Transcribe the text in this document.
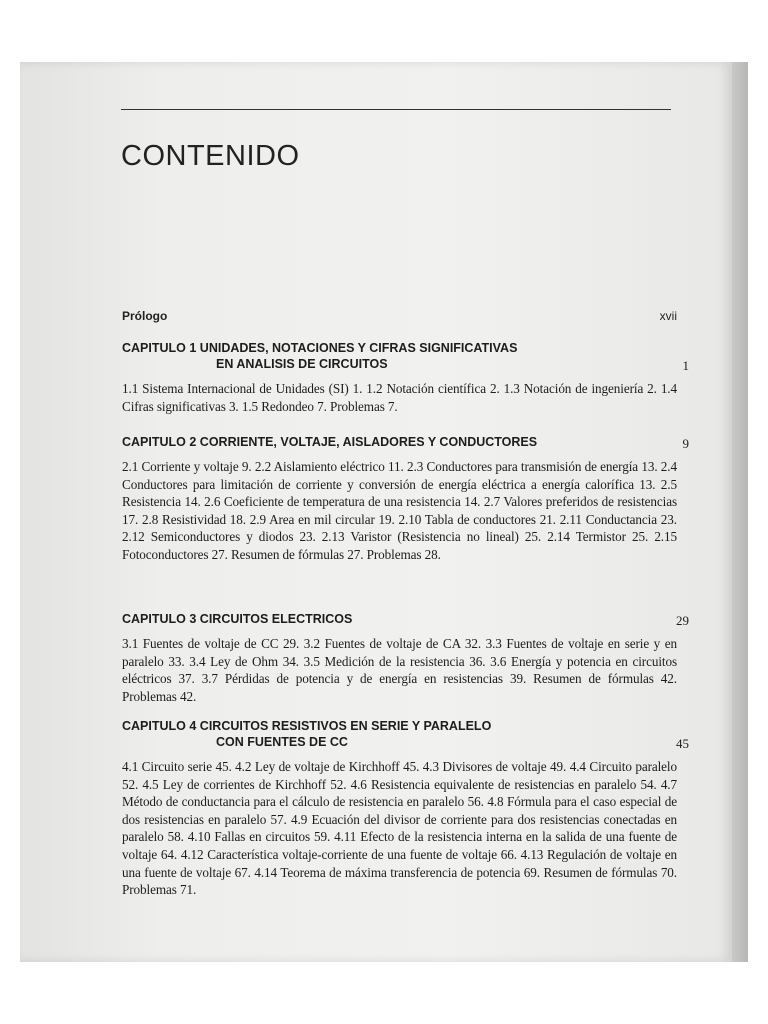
CONTENIDO
Prólogo	xvii
CAPITULO 1 UNIDADES, NOTACIONES Y CIFRAS SIGNIFICATIVAS
EN ANALISIS DE CIRCUITOS	1
1.1 Sistema Internacional de Unidades (SI) 1. 1.2 Notación científica 2. 1.3 Notación de ingeniería 2. 1.4 Cifras significativas 3. 1.5 Redondeo 7. Problemas 7.
CAPITULO 2 CORRIENTE, VOLTAJE, AISLADORES Y CONDUCTORES	9
2.1 Corriente y voltaje 9. 2.2 Aislamiento eléctrico 11. 2.3 Conductores para transmisión de energía 13. 2.4 Conductores para limitación de corriente y conversión de energía eléctrica a energía calorífica 13. 2.5 Resistencia 14. 2.6 Coeficiente de temperatura de una resistencia 14. 2.7 Valores preferidos de resistencias 17. 2.8 Resistividad 18. 2.9 Area en mil circular 19. 2.10 Tabla de conductores 21. 2.11 Conductancia 23. 2.12 Semiconductores y diodos 23. 2.13 Varistor (Resistencia no lineal) 25. 2.14 Termistor 25. 2.15 Fotoconductores 27. Resumen de fórmulas 27. Problemas 28.
CAPITULO 3 CIRCUITOS ELECTRICOS	29
3.1 Fuentes de voltaje de CC 29. 3.2 Fuentes de voltaje de CA 32. 3.3 Fuentes de voltaje en serie y en paralelo 33. 3.4 Ley de Ohm 34. 3.5 Medición de la resistencia 36. 3.6 Energía y potencia en circuitos eléctricos 37. 3.7 Pérdidas de potencia y de energía en resistencias 39. Resumen de fórmulas 42. Problemas 42.
CAPITULO 4 CIRCUITOS RESISTIVOS EN SERIE Y PARALELO
CON FUENTES DE CC	45
4.1 Circuito serie 45. 4.2 Ley de voltaje de Kirchhoff 45. 4.3 Divisores de voltaje 49. 4.4 Circuito paralelo 52. 4.5 Ley de corrientes de Kirchhoff 52. 4.6 Resistencia equivalente de resistencias en paralelo 54. 4.7 Método de conductancia para el cálculo de resistencia en paralelo 56. 4.8 Fórmula para el caso especial de dos resistencias en paralelo 57. 4.9 Ecuación del divisor de corriente para dos resistencias conectadas en paralelo 58. 4.10 Fallas en circuitos 59. 4.11 Efecto de la resistencia interna en la salida de una fuente de voltaje 64. 4.12 Característica voltaje-corriente de una fuente de voltaje 66. 4.13 Regulación de voltaje en una fuente de voltaje 67. 4.14 Teorema de máxima transferencia de potencia 69. Resumen de fórmulas 70. Problemas 71.
